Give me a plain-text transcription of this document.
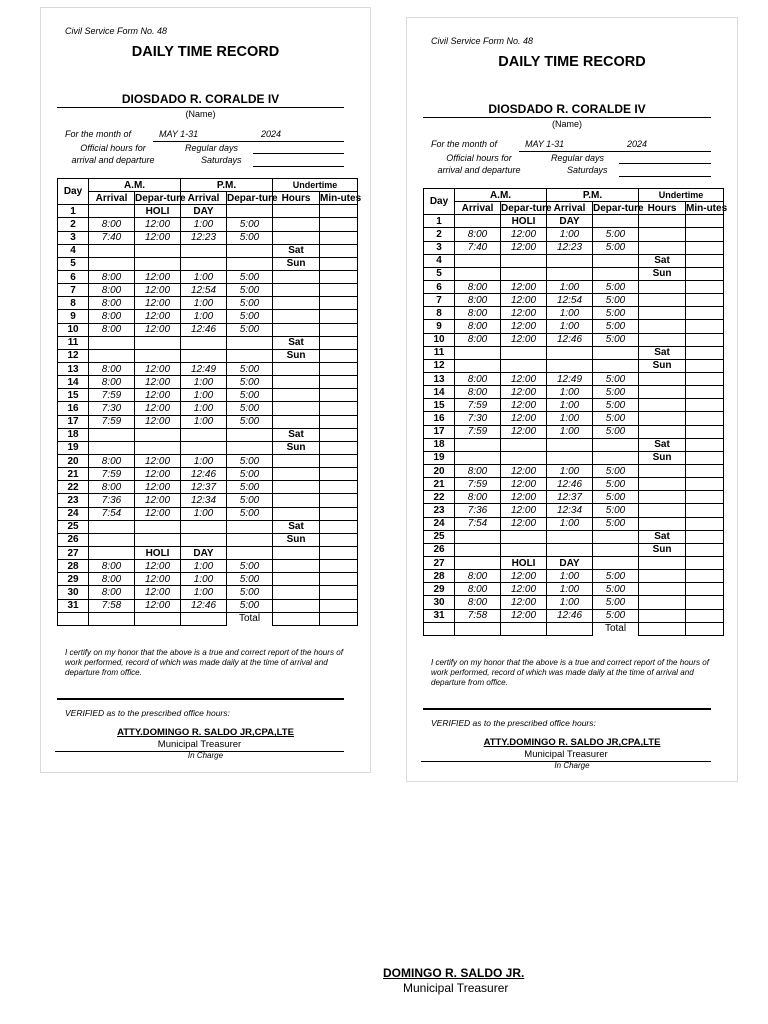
Civil Service Form No. 48
DAILY TIME RECORD
DIOSDADO R. CORALDE IV
(Name)
For the month of	MAY 1-31	2024
Official hours for
arrival and departure
Regular days
Saturdays
Day	A.M.		P.M.		Undertime	
	Arrival	Depar-ture	Arrival	Depar-ture	Hours	Min-utes
1		HOLI	DAY			
2	8:00	12:00	1:00	5:00		
3	7:40	12:00	12:23	5:00		
4					Sat	
5					Sun	
6	8:00	12:00	1:00	5:00		
7	8:00	12:00	12:54	5:00		
8	8:00	12:00	1:00	5:00		
9	8:00	12:00	1:00	5:00		
10	8:00	12:00	12:46	5:00		
11					Sat	
12					Sun	
13	8:00	12:00	12:49	5:00		
14	8:00	12:00	1:00	5:00		
15	7:59	12:00	1:00	5:00		
16	7:30	12:00	1:00	5:00		
17	7:59	12:00	1:00	5:00		
18					Sat	
19					Sun	
20	8:00	12:00	1:00	5:00		
21	7:59	12:00	12:46	5:00		
22	8:00	12:00	12:37	5:00		
23	7:36	12:00	12:34	5:00		
24	7:54	12:00	1:00	5:00		
25					Sat	
26					Sun	
27		HOLI	DAY			
28	8:00	12:00	1:00	5:00		
29	8:00	12:00	1:00	5:00		
30	8:00	12:00	1:00	5:00		
31	7:58	12:00	12:46	5:00		
				Total		
I certify on my honor that the above is a true and correct report of the hours of work performed, record of which was made daily at the time of arrival and departure from office.
VERIFIED as to the prescribed office hours:
ATTY.DOMINGO R. SALDO JR,CPA,LTE
Municipal Treasurer
In Charge
Civil Service Form No. 48
DAILY TIME RECORD
DIOSDADO R. CORALDE IV
(Name)
For the month of	MAY 1-31	2024
Official hours for
arrival and departure
Regular days
Saturdays
Day	A.M.		P.M.		Undertime	
	Arrival	Depar-ture	Arrival	Depar-ture	Hours	Min-utes
1		HOLI	DAY			
2	8:00	12:00	1:00	5:00		
3	7:40	12:00	12:23	5:00		
4					Sat	
5					Sun	
6	8:00	12:00	1:00	5:00		
7	8:00	12:00	12:54	5:00		
8	8:00	12:00	1:00	5:00		
9	8:00	12:00	1:00	5:00		
10	8:00	12:00	12:46	5:00		
11					Sat	
12					Sun	
13	8:00	12:00	12:49	5:00		
14	8:00	12:00	1:00	5:00		
15	7:59	12:00	1:00	5:00		
16	7:30	12:00	1:00	5:00		
17	7:59	12:00	1:00	5:00		
18					Sat	
19					Sun	
20	8:00	12:00	1:00	5:00		
21	7:59	12:00	12:46	5:00		
22	8:00	12:00	12:37	5:00		
23	7:36	12:00	12:34	5:00		
24	7:54	12:00	1:00	5:00		
25					Sat	
26					Sun	
27		HOLI	DAY			
28	8:00	12:00	1:00	5:00		
29	8:00	12:00	1:00	5:00		
30	8:00	12:00	1:00	5:00		
31	7:58	12:00	12:46	5:00		
				Total		
I certify on my honor that the above is a true and correct report of the hours of work performed, record of which was made daily at the time of arrival and departure from office.
VERIFIED as to the prescribed office hours:
ATTY.DOMINGO R. SALDO JR,CPA,LTE
Municipal Treasurer
In Charge
DOMINGO R. SALDO JR.
Municipal Treasurer
